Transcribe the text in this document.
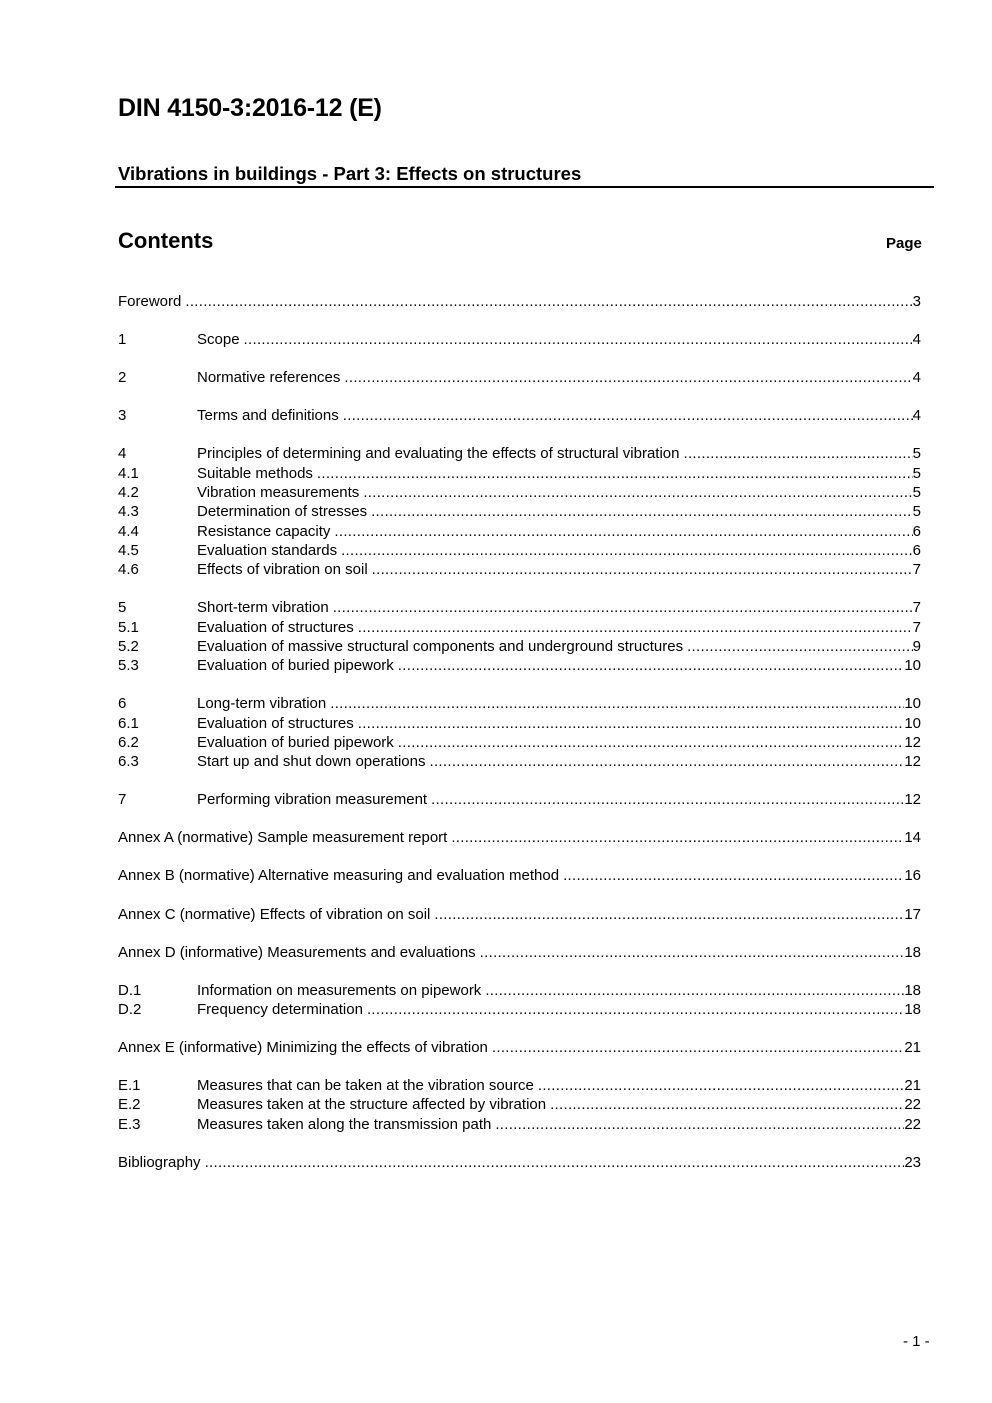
DIN 4150-3:2016-12 (E)
Vibrations in buildings - Part 3: Effects on structures
Contents	Page
Foreword .....	3
1	Scope .....	4
2	Normative references .....	4
3	Terms and definitions .....	4
4	Principles of determining and evaluating the effects of structural vibration .....	5
4.1	Suitable methods .....	5
4.2	Vibration measurements .....	5
4.3	Determination of stresses .....	5
4.4	Resistance capacity .....	6
4.5	Evaluation standards .....	6
4.6	Effects of vibration on soil .....	7
5	Short-term vibration .....	7
5.1	Evaluation of structures .....	7
5.2	Evaluation of massive structural components and underground structures .....	9
5.3	Evaluation of buried pipework .....	10
6	Long-term vibration .....	10
6.1	Evaluation of structures .....	10
6.2	Evaluation of buried pipework .....	12
6.3	Start up and shut down operations .....	12
7	Performing vibration measurement .....	12
Annex A (normative) Sample measurement report .....	14
Annex B (normative) Alternative measuring and evaluation method .....	16
Annex C (normative) Effects of vibration on soil .....	17
Annex D (informative) Measurements and evaluations .....	18
D.1	Information on measurements on pipework .....	18
D.2	Frequency determination .....	18
Annex E (informative) Minimizing the effects of vibration .....	21
E.1	Measures that can be taken at the vibration source .....	21
E.2	Measures taken at the structure affected by vibration .....	22
E.3	Measures taken along the transmission path .....	22
Bibliography .....	23
- 1 -
